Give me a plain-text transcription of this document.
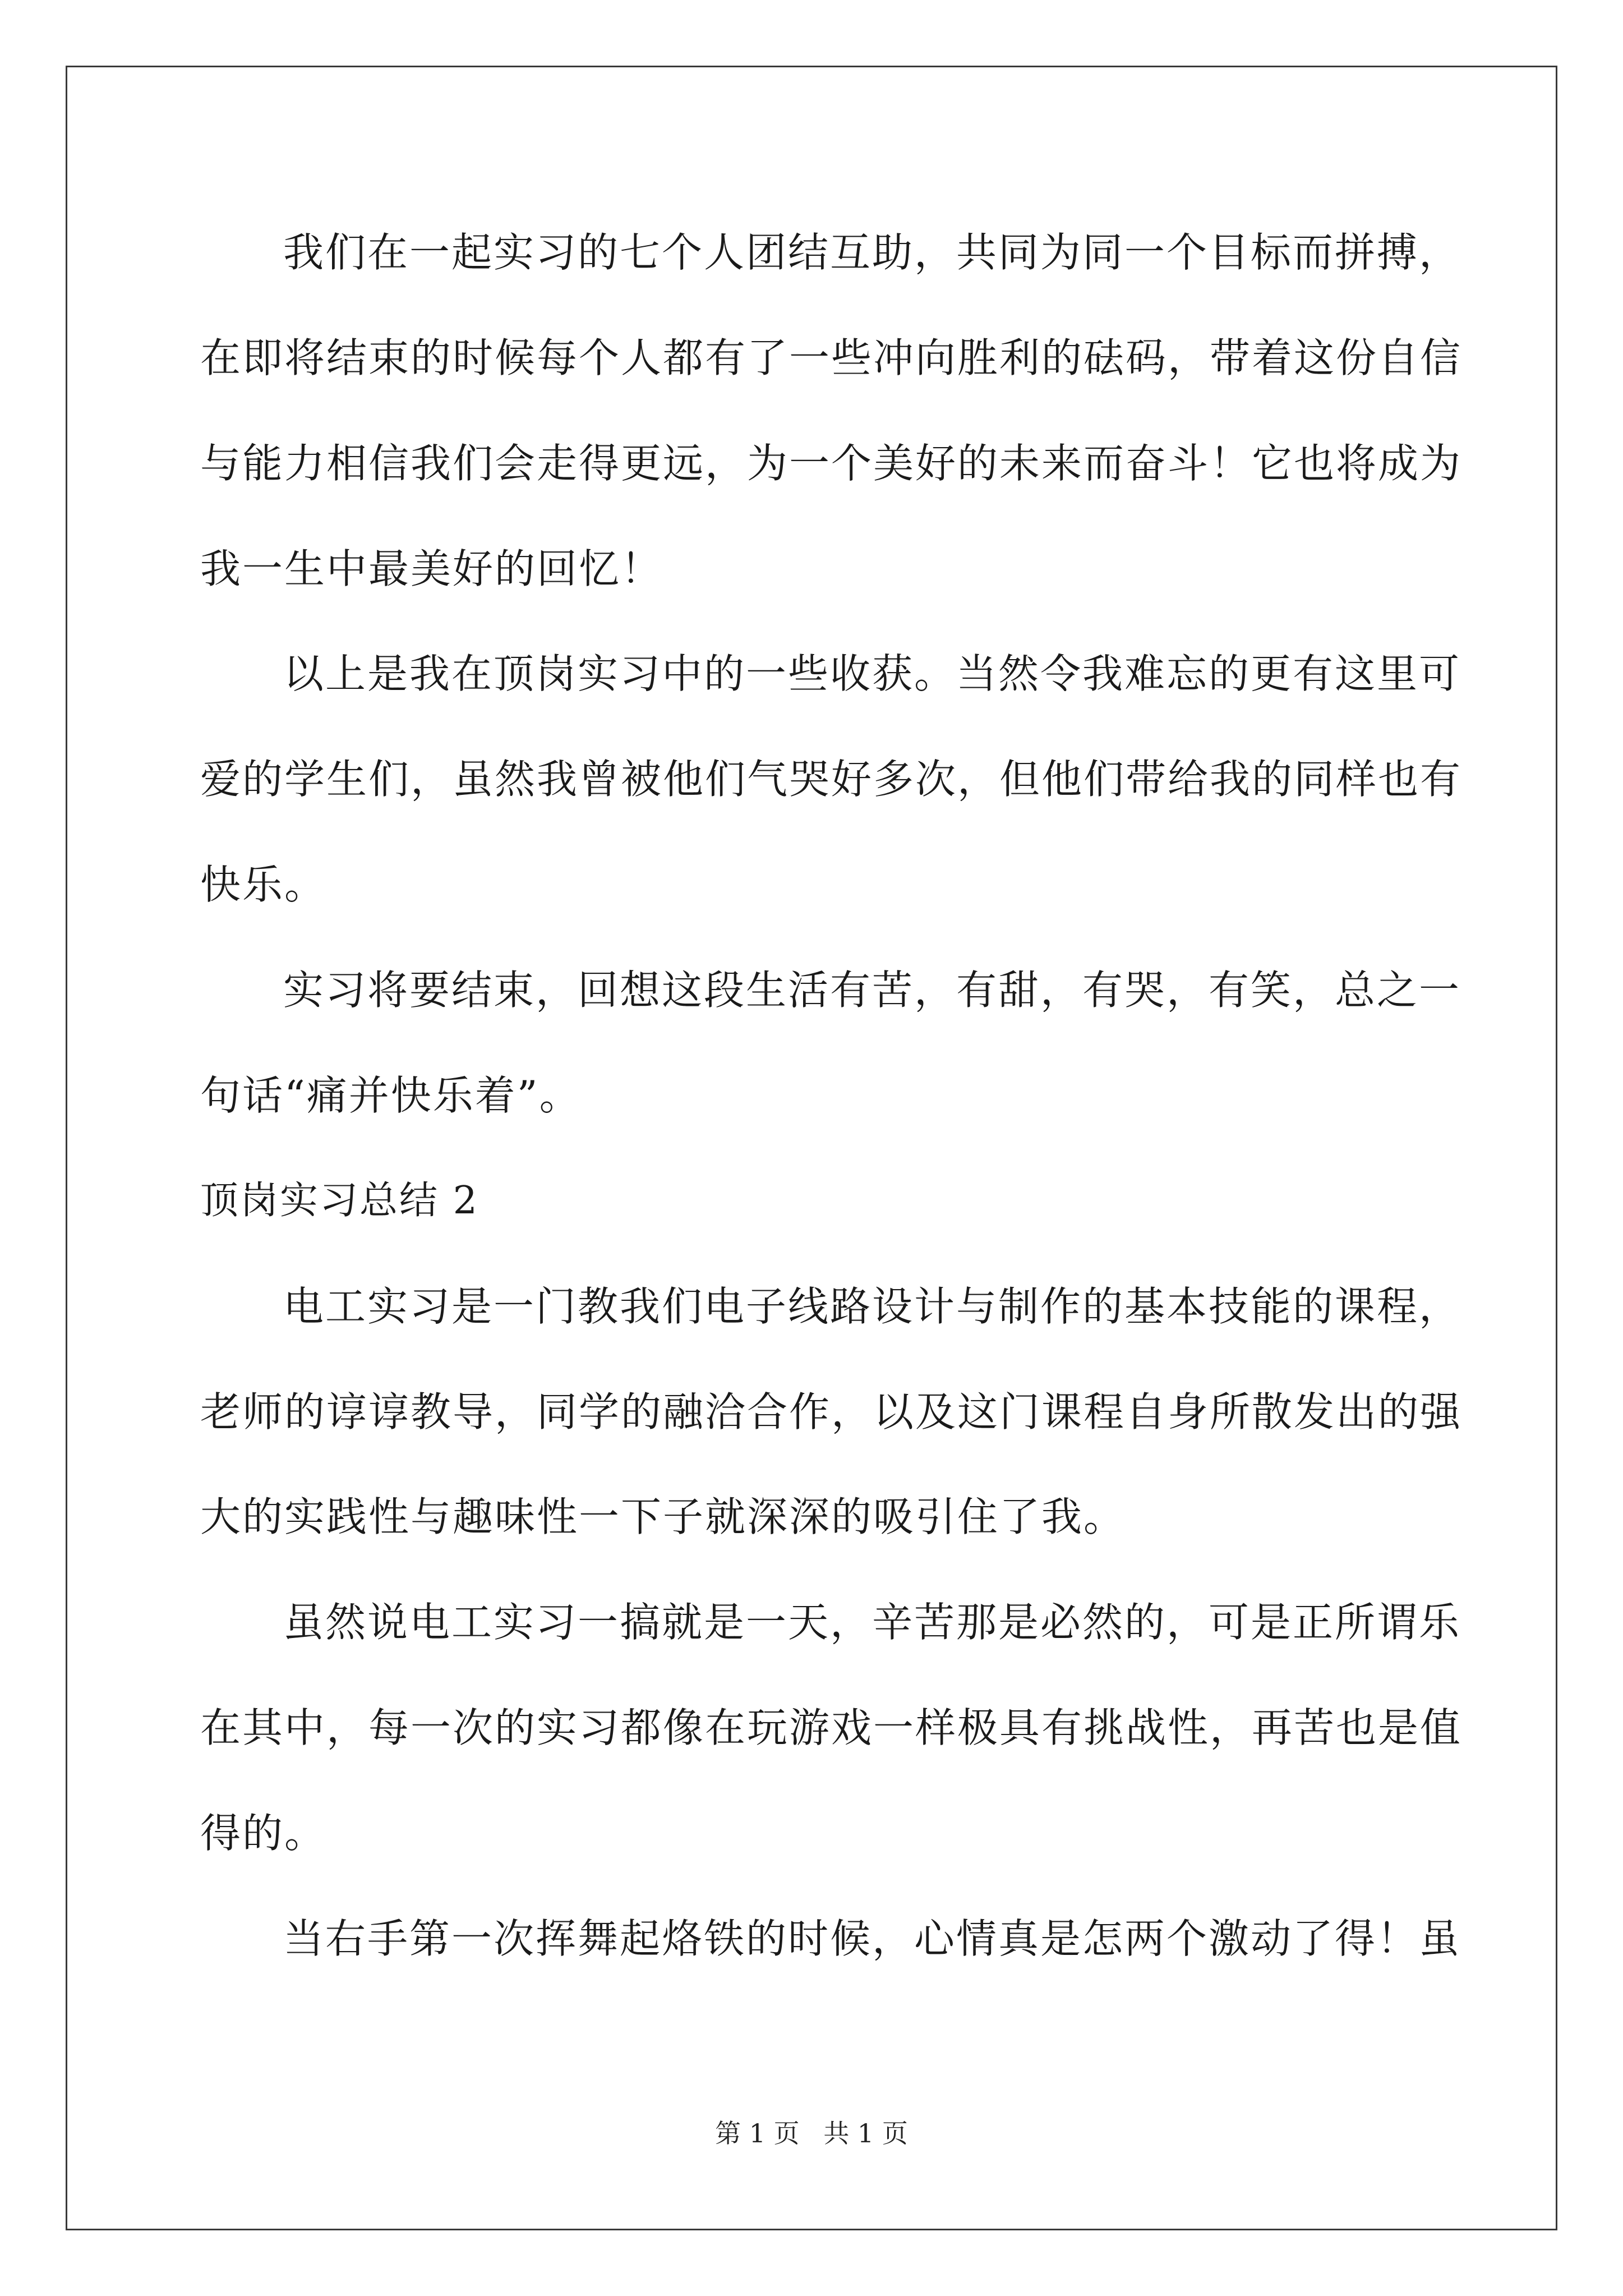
我们在一起实习的七个人团结互助，共同为同一个目标而拼搏，
在即将结束的时候每个人都有了一些冲向胜利的砝码，带着这份自信
与能力相信我们会走得更远，为一个美好的未来而奋斗！它也将成为
我一生中最美好的回忆！
以上是我在顶岗实习中的一些收获。当然令我难忘的更有这里可
爱的学生们，虽然我曾被他们气哭好多次，但他们带给我的同样也有
快乐。
实习将要结束，回想这段生活有苦，有甜，有哭，有笑，总之一
句话“痛并快乐着”。
顶岗实习总结 2
电工实习是一门教我们电子线路设计与制作的基本技能的课程，
老师的谆谆教导，同学的融洽合作，以及这门课程自身所散发出的强
大的实践性与趣味性一下子就深深的吸引住了我。
虽然说电工实习一搞就是一天，辛苦那是必然的，可是正所谓乐
在其中，每一次的实习都像在玩游戏一样极具有挑战性，再苦也是值
得的。
当右手第一次挥舞起烙铁的时候，心情真是怎两个激动了得！虽
第 1 页 共 1 页
